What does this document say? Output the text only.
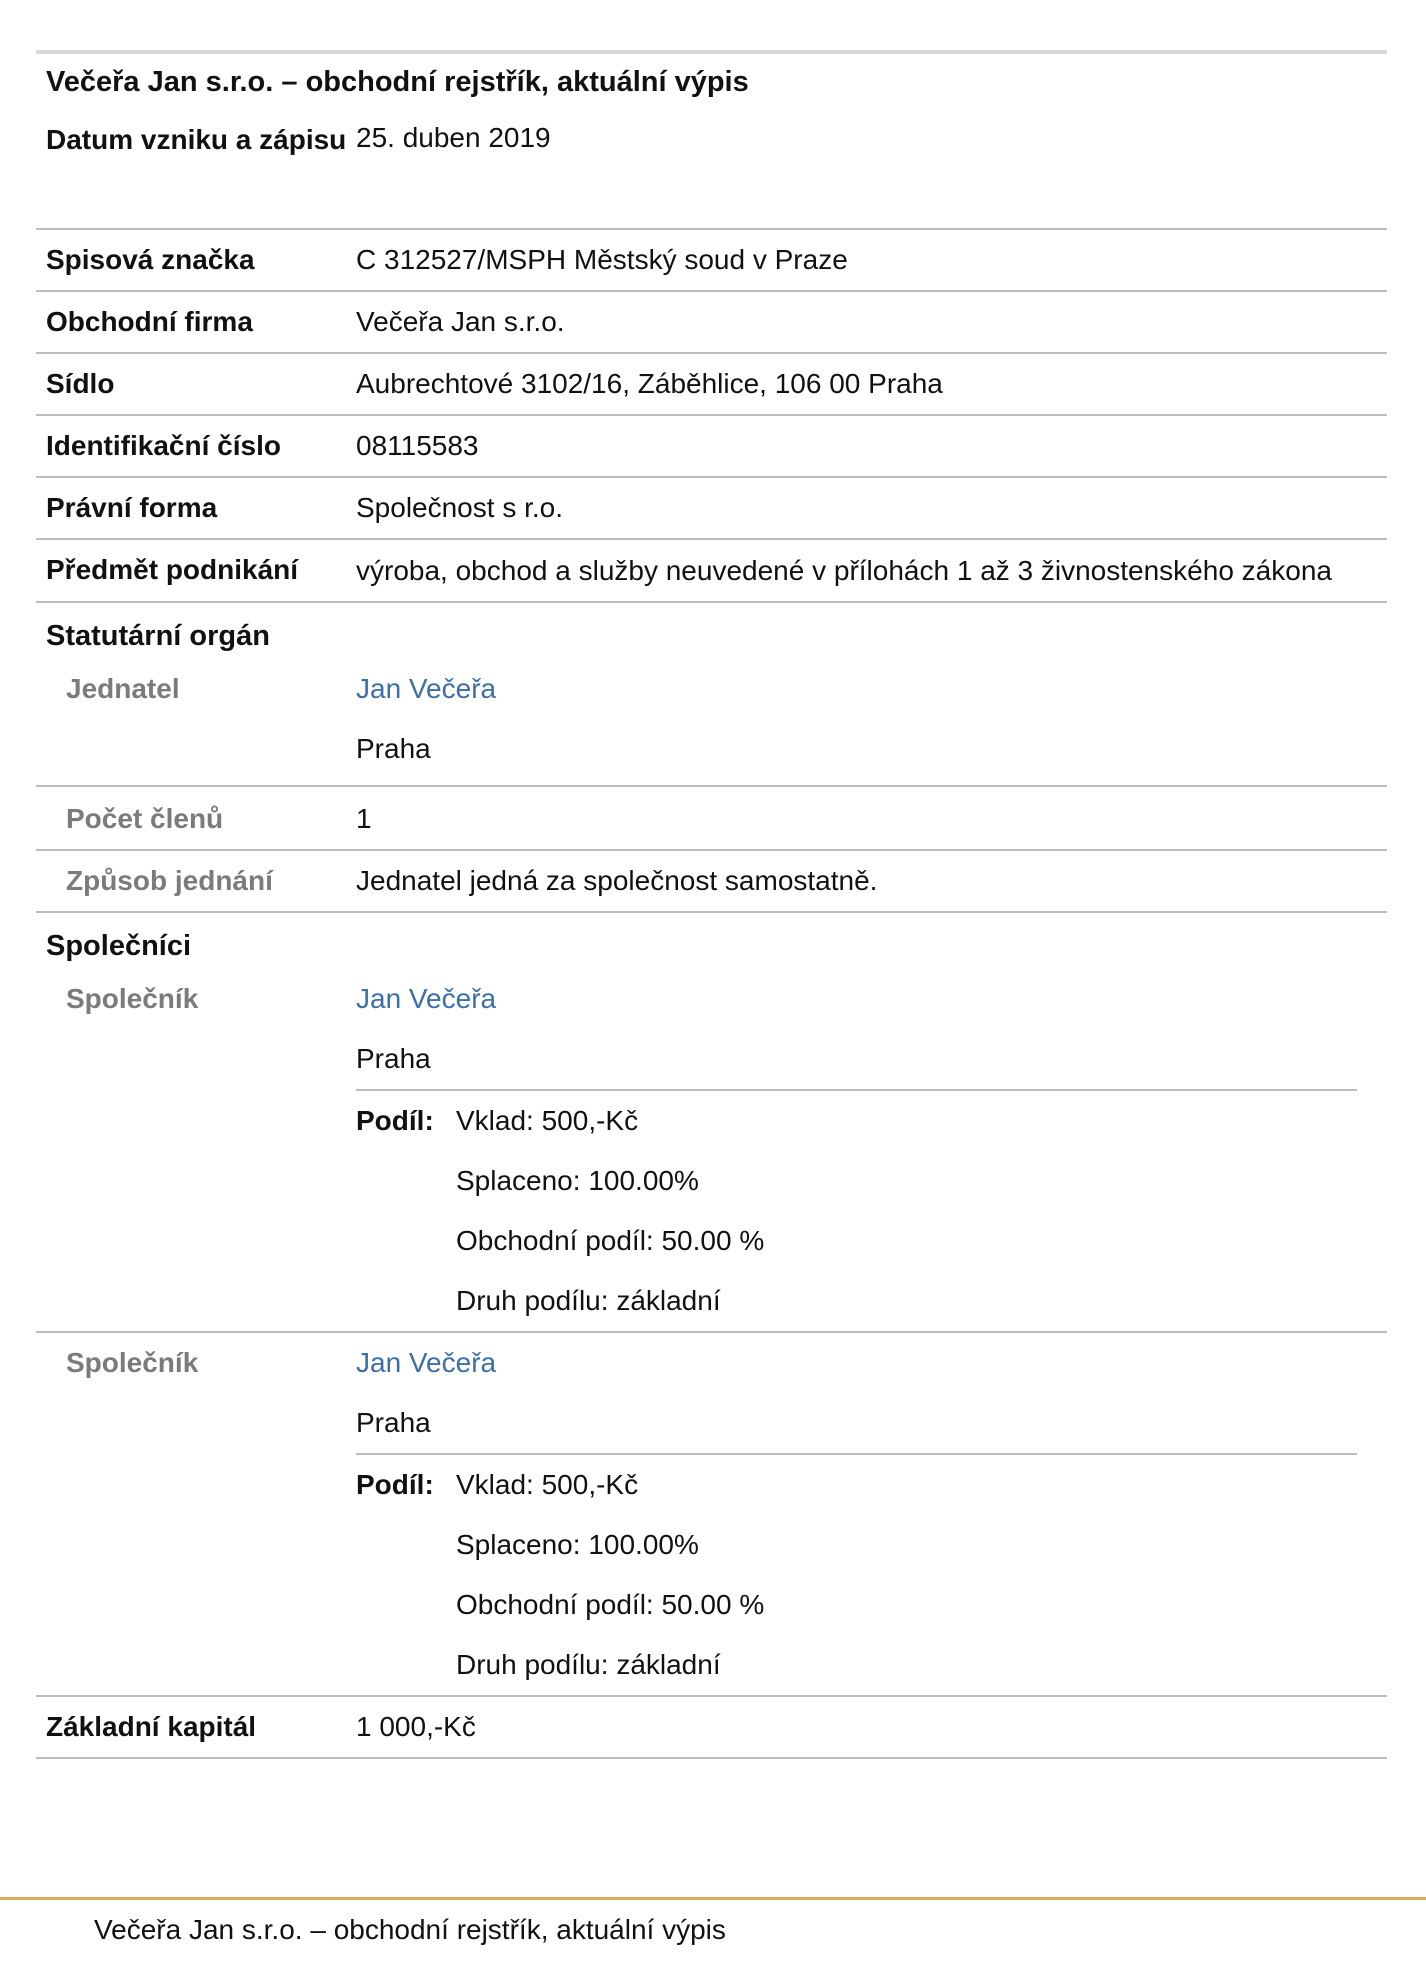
Večeřa Jan s.r.o. – obchodní rejstřík, aktuální výpis
Datum vzniku a zápisu 25. duben 2019
Spisová značka	C 312527/MSPH Městský soud v Praze
Obchodní firma	Večeřa Jan s.r.o.
Sídlo	Aubrechtové 3102/16, Záběhlice, 106 00 Praha
Identifikační číslo	08115583
Právní forma	Společnost s r.o.
Předmět podnikání	výroba, obchod a služby neuvedené v přílohách 1 až 3 živnostenského zákona
Statutární orgán
Jednatel	Jan Večeřa
Praha
Počet členů	1
Způsob jednání	Jednatel jedná za společnost samostatně.
Společníci
Společník	Jan Večeřa
Praha
Podíl: Vklad: 500,-Kč
Splaceno: 100.00%
Obchodní podíl: 50.00 %
Druh podílu: základní
Společník	Jan Večeřa
Praha
Podíl: Vklad: 500,-Kč
Splaceno: 100.00%
Obchodní podíl: 50.00 %
Druh podílu: základní
Základní kapitál	1 000,-Kč
Večeřa Jan s.r.o. – obchodní rejstřík, aktuální výpis
